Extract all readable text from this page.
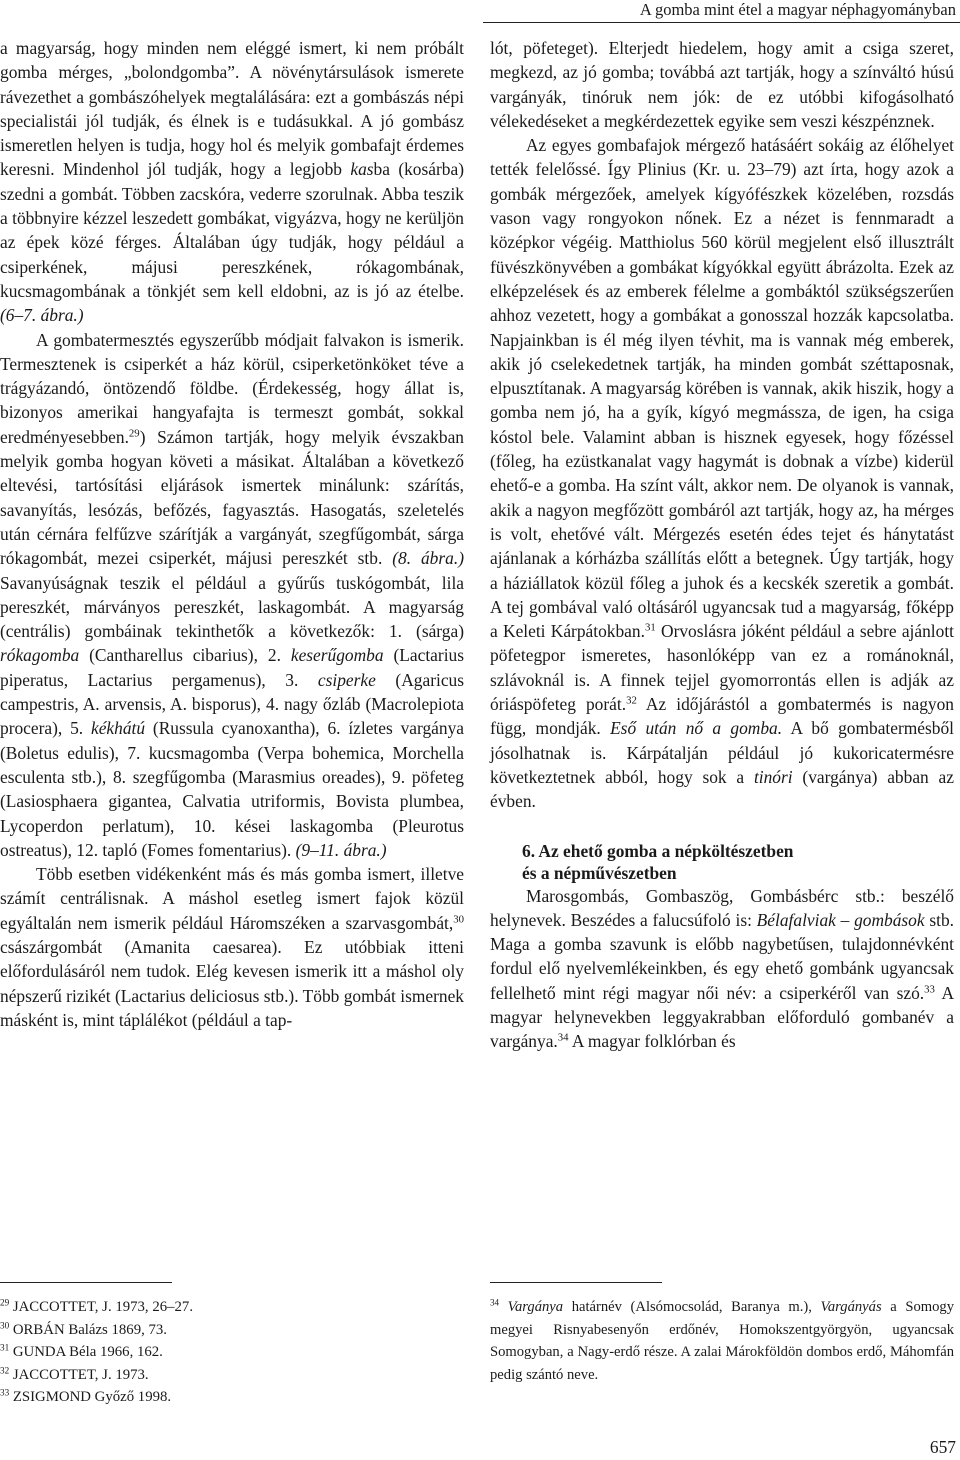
A gomba mint étel a magyar néphagyományban

a magyarság, hogy minden nem eléggé ismert, ki nem próbált gomba mérges, „bolondgomba”. A növénytársulások ismerete rávezethet a gombászóhelyek megtalálására: ezt a gombászás népi specialistái jól tudják, és élnek is e tudásukkal. A jó gombász ismeretlen helyen is tudja, hogy hol és melyik gombafajt érdemes keresni. Mindenhol jól tudják, hogy a legjobb kasba (kosárba) szedni a gombát. Többen zacskóra, vederre szorulnak. Abba teszik a többnyire kézzel leszedett gombákat, vigyázva, hogy ne kerüljön az épek közé férges. Általában úgy tudják, hogy például a csiperkének, májusi pereszkének, rókagombának, kucsmagombának a tönkjét sem kell eldobni, az is jó az ételbe. (6–7. ábra.)

A gombatermesztés egyszerűbb módjait falvakon is ismerik. Termesztenek is csiperkét a ház körül, csiperketönköket téve a trágyázandó, öntözendő földbe. (Érdekesség, hogy állat is, bizonyos amerikai hangyafajta is termeszt gombát, sokkal eredményesebben.$^{29}$) Számon tartják, hogy melyik évszakban melyik gomba hogyan követi a másikat. Általában a következő eltevési, tartósítási eljárások ismertek minálunk: szárítás, savanyítás, lesózás, befőzés, fagyasztás. Hasogatás, szeletelés után cérnára felfűzve szárítják a vargányát, szegfűgombát, sárga rókagombát, mezei csiperkét, májusi pereszkét stb. (8. ábra.) Savanyúságnak teszik el például a gyűrűs tuskógombát, lila pereszkét, márványos pereszkét, laskagombát. A magyarság (centrális) gombáinak tekinthetők a következők: 1. (sárga) rókagomba (Cantharellus cibarius), 2. keserűgomba (Lactarius piperatus, Lactarius pergamenus), 3. csiperke (Agaricus campestris, A. arvensis, A. bisporus), 4. nagy őzláb (Macrolepiota procera), 5. kékhátú (Russula cyanoxantha), 6. ízletes vargánya (Boletus edulis), 7. kucsmagomba (Verpa bohemica, Morchella esculenta stb.), 8. szegfűgomba (Marasmius oreades), 9. pöfeteg (Lasiosphaera gigantea, Calvatia utriformis, Bovista plumbea, Lycoperdon perlatum), 10. kései laskagomba (Pleurotus ostreatus), 12. tapló (Fomes fomentarius). (9–11. ábra.)

Több esetben vidékenként más és más gomba ismert, illetve számít centrálisnak. A máshol esetleg ismert fajok közül egyáltalán nem ismerik például Háromszéken a szarvasgombát,$^{30}$ császárgombát (Amanita caesarea). Ez utóbbiak itteni előfordulásáról nem tudok. Elég kevesen ismerik itt a máshol oly népszerű rizikét (Lactarius deliciosus stb.). Több gombát ismernek másként is, mint táplálékot (például a tap-

lót, pöfeteget). Elterjedt hiedelem, hogy amit a csiga szeret, megkezd, az jó gomba; továbbá azt tartják, hogy a színváltó húsú vargányák, tinóruk nem jók: de ez utóbbi kifogásolható vélekedéseket a megkérdezettek egyike sem veszi készpénznek.

Az egyes gombafajok mérgező hatásáért sokáig az élőhelyet tették felelőssé. Így Plinius (Kr. u. 23–79) azt írta, hogy azok a gombák mérgezőek, amelyek kígyófészkek közelében, rozsdás vason vagy rongyokon nőnek. Ez a nézet is fennmaradt a középkor végéig. Matthiolus 560 körül megjelent első illusztrált füvészkönyvében a gombákat kígyókkal együtt ábrázolta. Ezek az elképzelések és az emberek félelme a gombáktól szükségszerűen ahhoz vezetett, hogy a gombákat a gonosszal hozzák kapcsolatba. Napjainkban is él még ilyen tévhit, ma is vannak még emberek, akik jó cselekedetnek tartják, ha minden gombát széttaposnak, elpusztítanak. A magyarság körében is vannak, akik hiszik, hogy a gomba nem jó, ha a gyík, kígyó megmássza, de igen, ha csiga kóstol bele. Valamint abban is hisznek egyesek, hogy főzéssel (főleg, ha ezüstkanalat vagy hagymát is dobnak a vízbe) kiderül ehető-e a gomba. Ha színt vált, akkor nem. De olyanok is vannak, akik a nagyon megfőzött gombáról azt tartják, hogy az, ha mérges is volt, ehetővé vált. Mérgezés esetén édes tejet és hánytatást ajánlanak a kórházba szállítás előtt a betegnek. Úgy tartják, hogy a háziállatok közül főleg a juhok és a kecskék szeretik a gombát. A tej gombával való oltásáról ugyancsak tud a magyarság, főképp a Keleti Kárpátokban.$^{31}$ Orvoslásra jóként például a sebre ajánlott pöfetegpor ismeretes, hasonlóképp van ez a románoknál, szlávoknál is. A finnek tejjel gyomorrontás ellen is adják az óriáspöfeteg porát.$^{32}$ Az időjárástól a gombatermés is nagyon függ, mondják. Eső után nő a gomba. A bő gombatermésből jósolhatnak is. Kárpátalján például jó kukoricatermésre következtetnek abból, hogy sok a tinóri (vargánya) abban az évben.

6. Az ehető gomba a népköltészetben
és a népművészetben

Marosgombás, Gombaszög, Gombásbérc stb.: beszélő helynevek. Beszédes a falucsúfoló is: Bélafalviak – gombások stb. Maga a gomba szavunk is előbb nagybetűsen, tulajdonnévként fordul elő nyelvemlékeinkben, és egy ehető gombánk ugyancsak fellelhető mint régi magyar női név: a csiperkéről van szó.$^{33}$ A magyar helynevekben leggyakrabban előforduló gombanév a vargánya.$^{34}$ A magyar folklórban és

$^{29}$ JACCOTTET, J. 1973, 26–27.
$^{30}$ ORBÁN Balázs 1869, 73.
$^{31}$ GUNDA Béla 1966, 162.
$^{32}$ JACCOTTET, J. 1973.
$^{33}$ ZSIGMOND Győző 1998.
$^{34}$ Vargánya határnév (Alsómocsolád, Baranya m.), Vargányás a Somogy megyei Risnyabesenyőn erdőnév, Homokszentgyörgyön, ugyancsak Somogyban, a Nagy-erdő része. A zalai Márokföldön dombos erdő, Máhomfán pedig szántó neve.
657
